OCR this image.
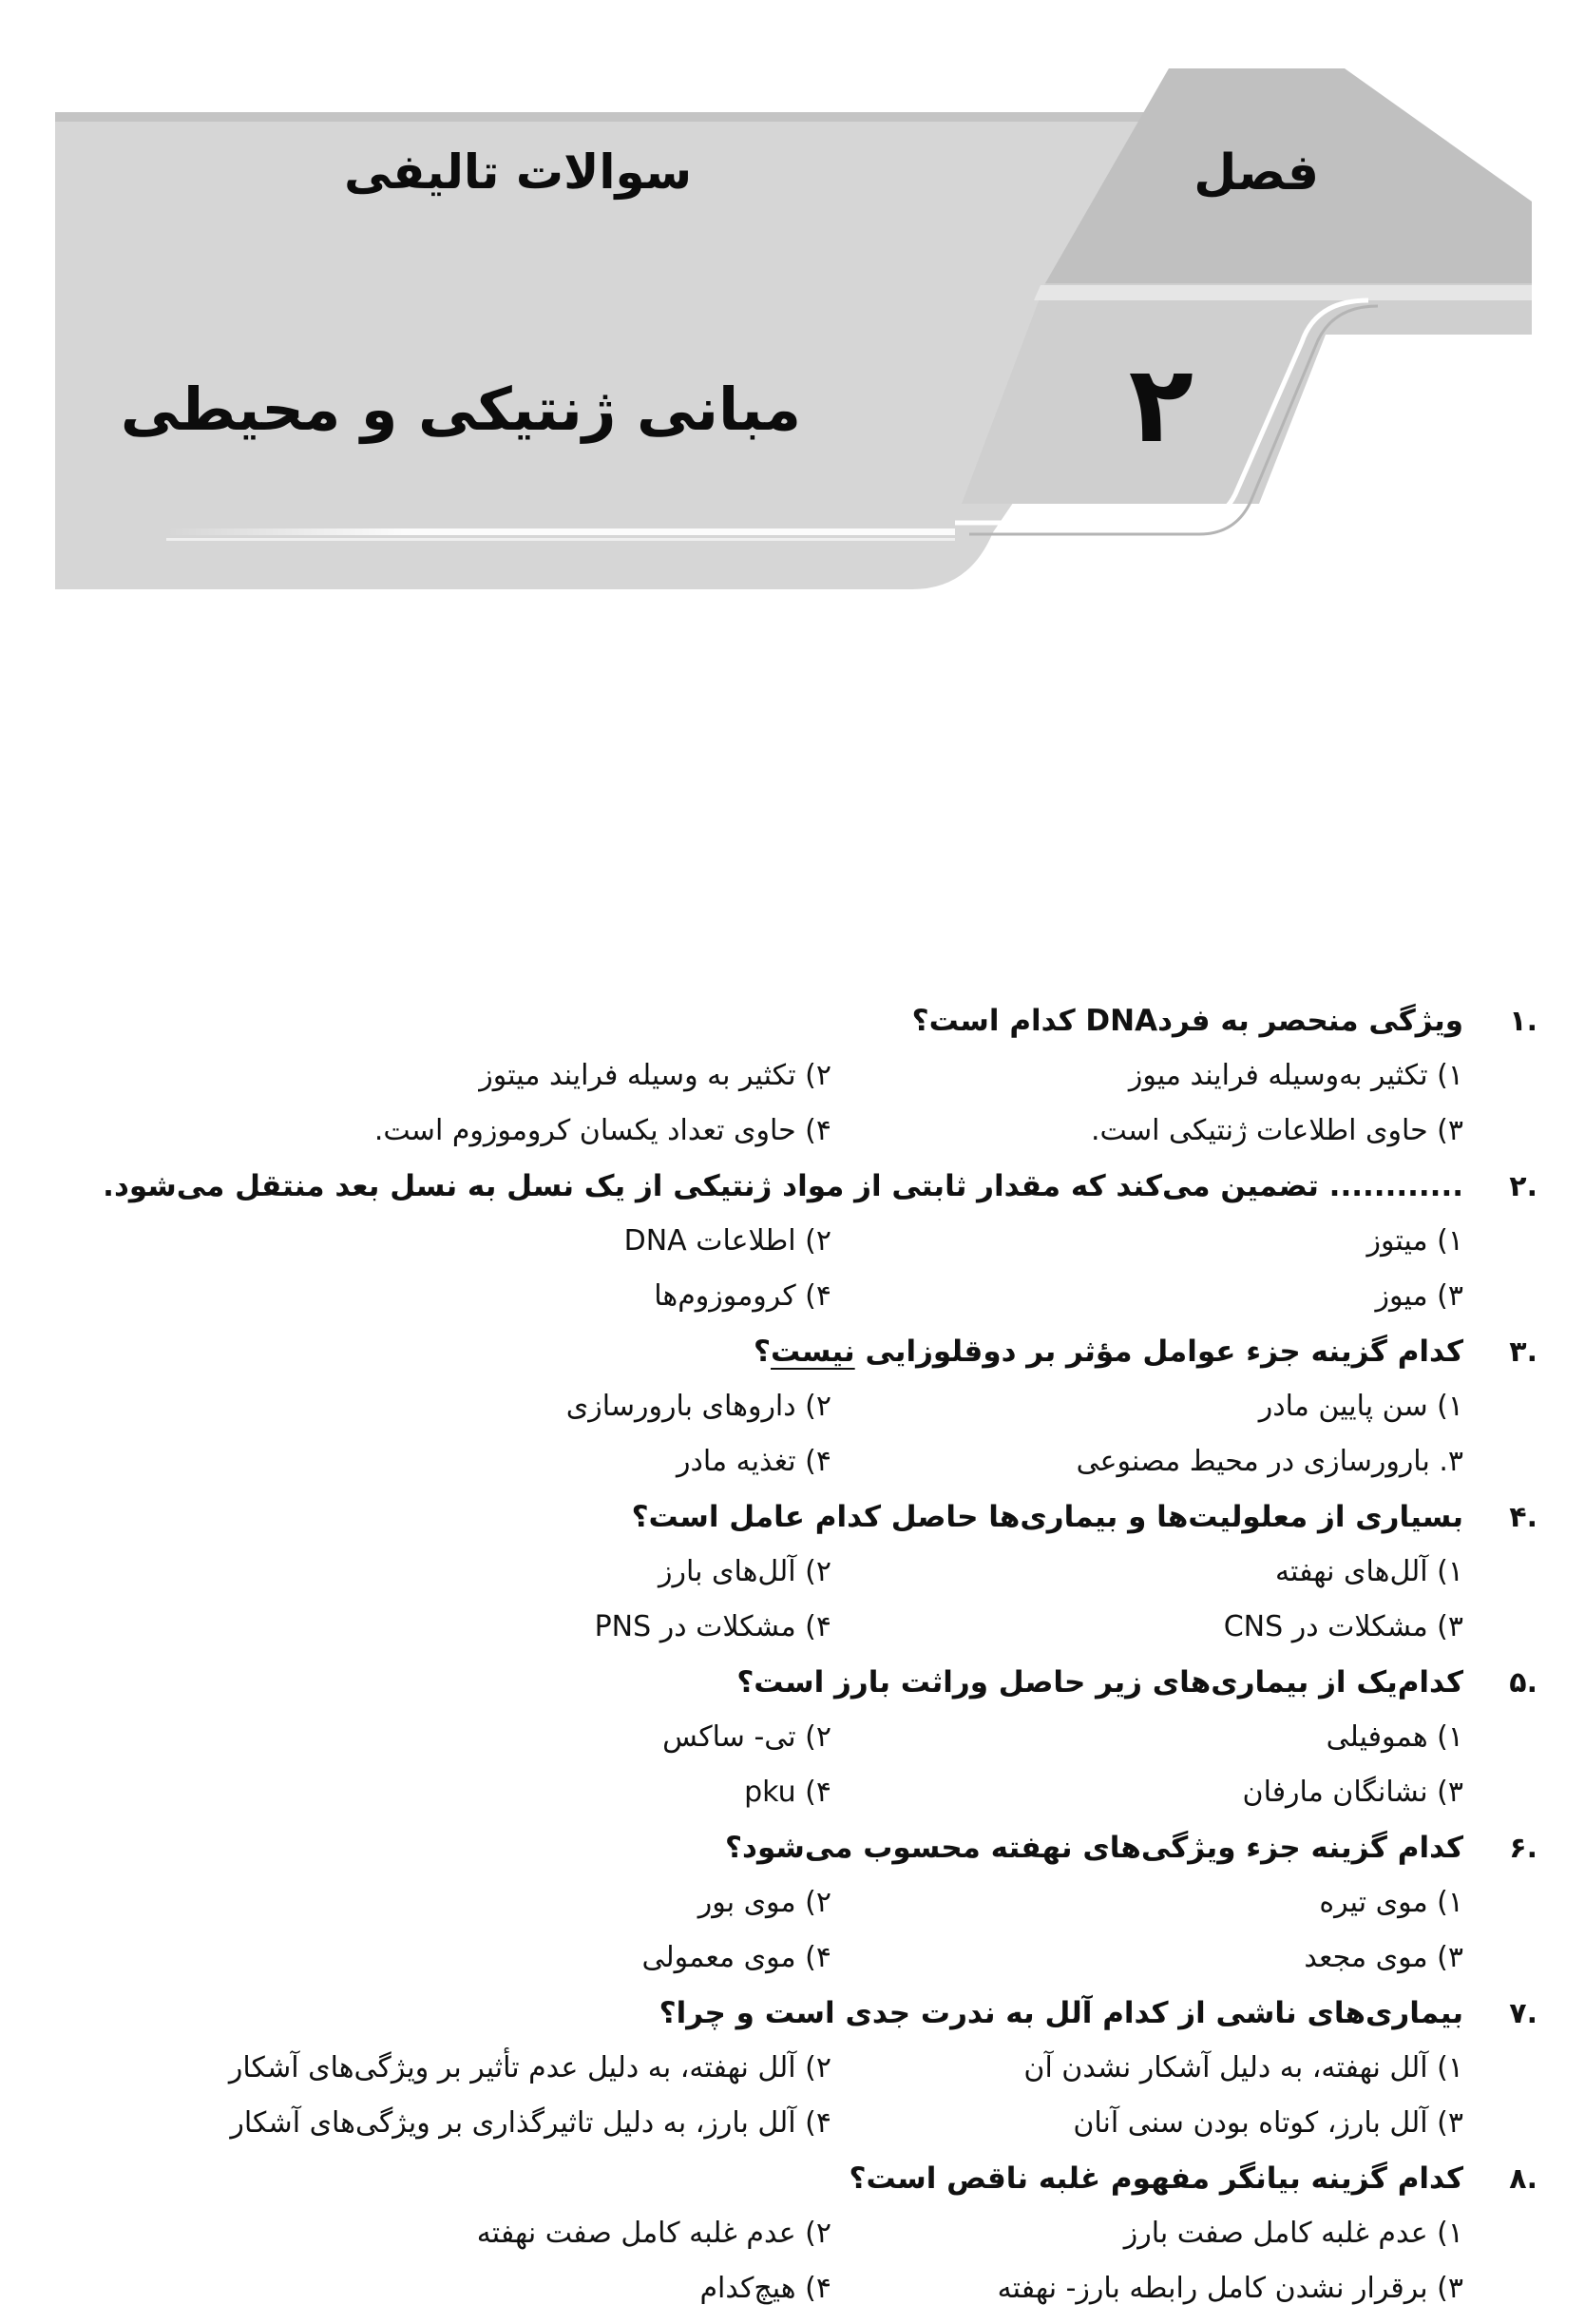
فصل
سوالات تالیفی
۲
مبانی ژنتیکی و محیطی
.۱
ویژگی منحصر به فردDNA کدام است؟
۱) تکثیر به‌وسیله فرایند میوز
۲) تکثیر به وسیله فرایند میتوز
۳) حاوی اطلاعات ژنتیکی است.
۴) حاوی تعداد یکسان کروموزوم است.
.۲
............ تضمین می‌کند که مقدار ثابتی از مواد ژنتیکی از یک نسل به نسل بعد منتقل می‌شود.
۱) میتوز
۲) اطلاعات DNA
۳) میوز
۴) کروموزوم‌ها
.۳
کدام گزینه جزء عوامل مؤثر بر دوقلوزایی نیست؟
۱) سن پایین مادر
۲) داروهای بارورسازی
۳. بارورسازی در محیط مصنوعی
۴) تغذیه مادر
.۴
بسیاری از معلولیت‌ها و بیماری‌ها حاصل کدام عامل است؟
۱) آلل‌های نهفته
۲) آلل‌های بارز
۳) مشکلات در CNS
۴) مشکلات در PNS
.۵
کدام‌یک از بیماری‌های زیر حاصل وراثت بارز است؟
۱) هموفیلی
۲) تی- ساکس
۳) نشانگان مارفان
۴) pku
.۶
کدام گزینه جزء ویژگی‌های نهفته محسوب می‌شود؟
۱) موی تیره
۲) موی بور
۳) موی مجعد
۴) موی معمولی
.۷
بیماری‌های ناشی از کدام آلل به ندرت جدی است و چرا؟
۱) آلل نهفته، به دلیل آشکار نشدن آن
۲) آلل نهفته، به دلیل عدم تأثیر بر ویژگی‌های آشکار
۳) آلل بارز، کوتاه بودن سنی آنان
۴) آلل بارز، به دلیل تاثیرگذاری بر ویژگی‌های آشکار
.۸
کدام گزینه بیانگر مفهوم غلبه ناقص است؟
۱) عدم غلبه کامل صفت بارز
۲) عدم غلبه کامل صفت نهفته
۳) برقرار نشدن کامل رابطه بارز- نهفته
۴) هیچ‌کدام
